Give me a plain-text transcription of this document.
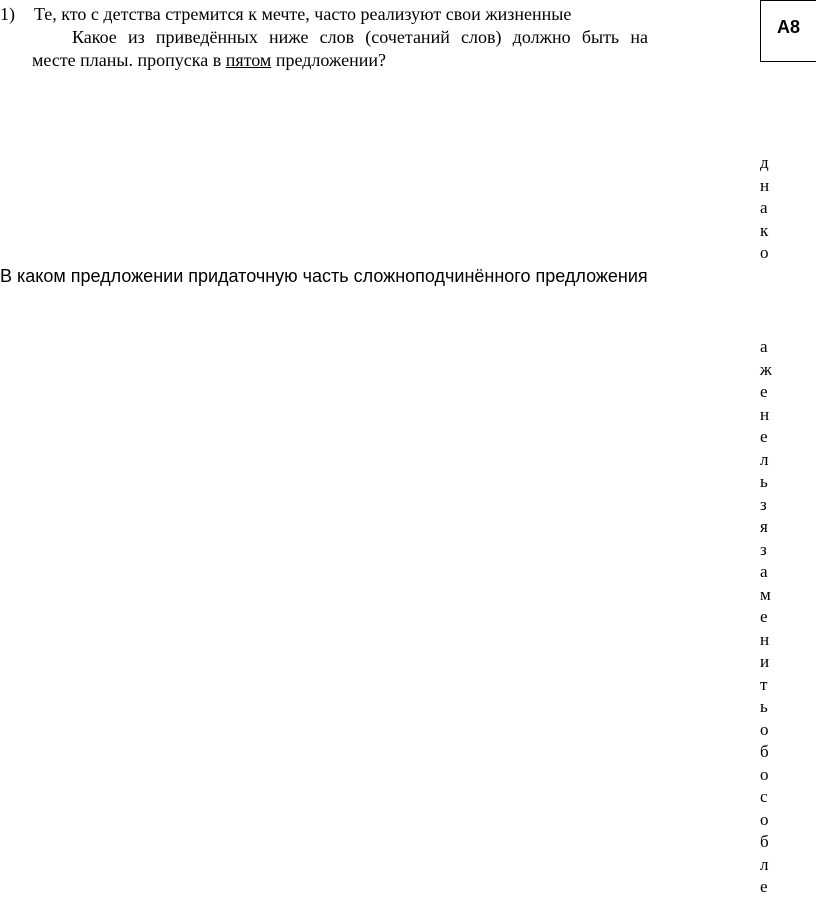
1) Те, кто с детства стремится к мечте, часто реализуют свои жизненные
Какое из приведённых ниже слов (сочетаний слов) должно быть на
месте планы. пропуска в пятом предложении?
А8
д
н
а
к
о
В каком предложении придаточную часть сложноподчинённого предложения
а
ж
е
н
е
л
ь
з
я
з
а
м
е
н
и
т
ь
о
б
о
с
о
б
л
е
